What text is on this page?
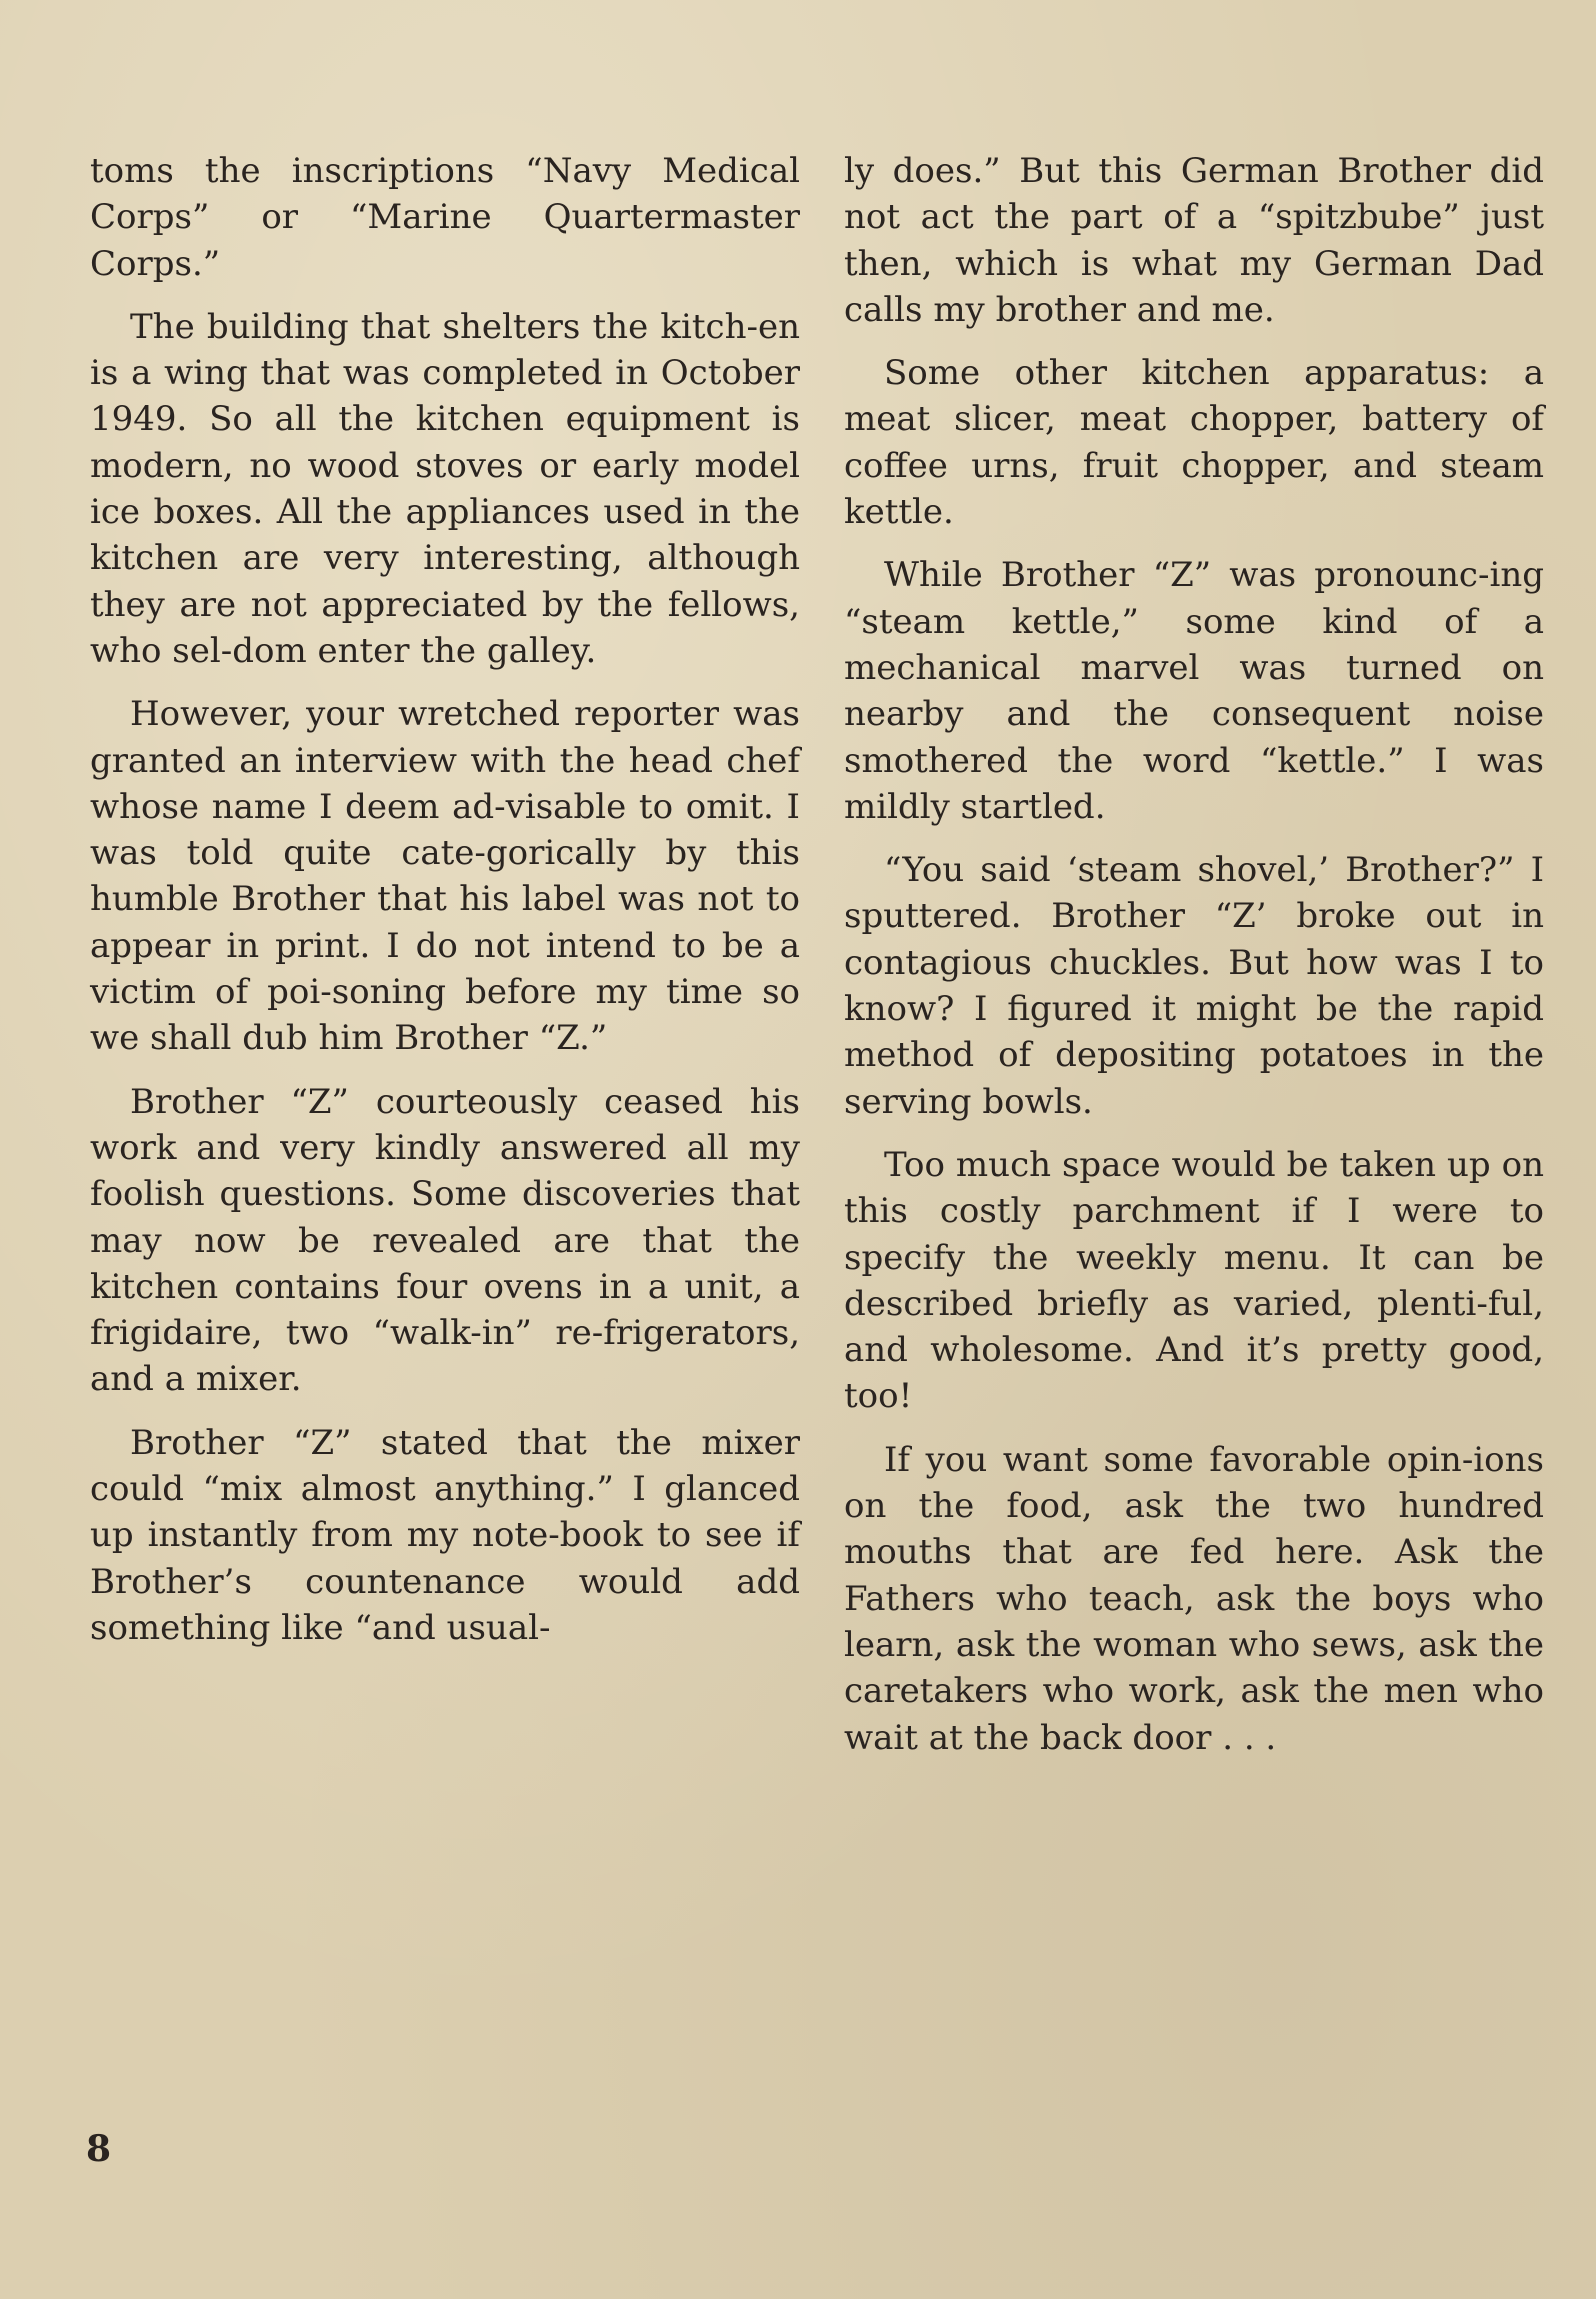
toms the inscriptions “Navy Medical Corps” or “Marine Quartermaster Corps.”

The building that shelters the kitch-en is a wing that was completed in October 1949. So all the kitchen equipment is modern, no wood stoves or early model ice boxes. All the appliances used in the kitchen are very interesting, although they are not appreciated by the fellows, who sel-dom enter the galley.

However, your wretched reporter was granted an interview with the head chef whose name I deem ad-visable to omit. I was told quite cate-gorically by this humble Brother that his label was not to appear in print. I do not intend to be a victim of poi-soning before my time so we shall dub him Brother “Z.”

Brother “Z” courteously ceased his work and very kindly answered all my foolish questions. Some discoveries that may now be revealed are that the kitchen contains four ovens in a unit, a frigidaire, two “walk-in” re-frigerators, and a mixer.

Brother “Z” stated that the mixer could “mix almost anything.” I glanced up instantly from my note-book to see if Brother’s countenance would add something like “and usual-

ly does.” But this German Brother did not act the part of a “spitzbube” just then, which is what my German Dad calls my brother and me.

Some other kitchen apparatus: a meat slicer, meat chopper, battery of coffee urns, fruit chopper, and steam kettle.

While Brother “Z” was pronounc-ing “steam kettle,” some kind of a mechanical marvel was turned on nearby and the consequent noise smothered the word “kettle.” I was mildly startled.

“You said ‘steam shovel,’ Brother?” I sputtered. Brother “Z’ broke out in contagious chuckles. But how was I to know? I figured it might be the rapid method of depositing potatoes in the serving bowls.

Too much space would be taken up on this costly parchment if I were to specify the weekly menu. It can be described briefly as varied, plenti-ful, and wholesome. And it’s pretty good, too!

If you want some favorable opin-ions on the food, ask the two hundred mouths that are fed here. Ask the Fathers who teach, ask the boys who learn, ask the woman who sews, ask the caretakers who work, ask the men who wait at the back door . . .

8
